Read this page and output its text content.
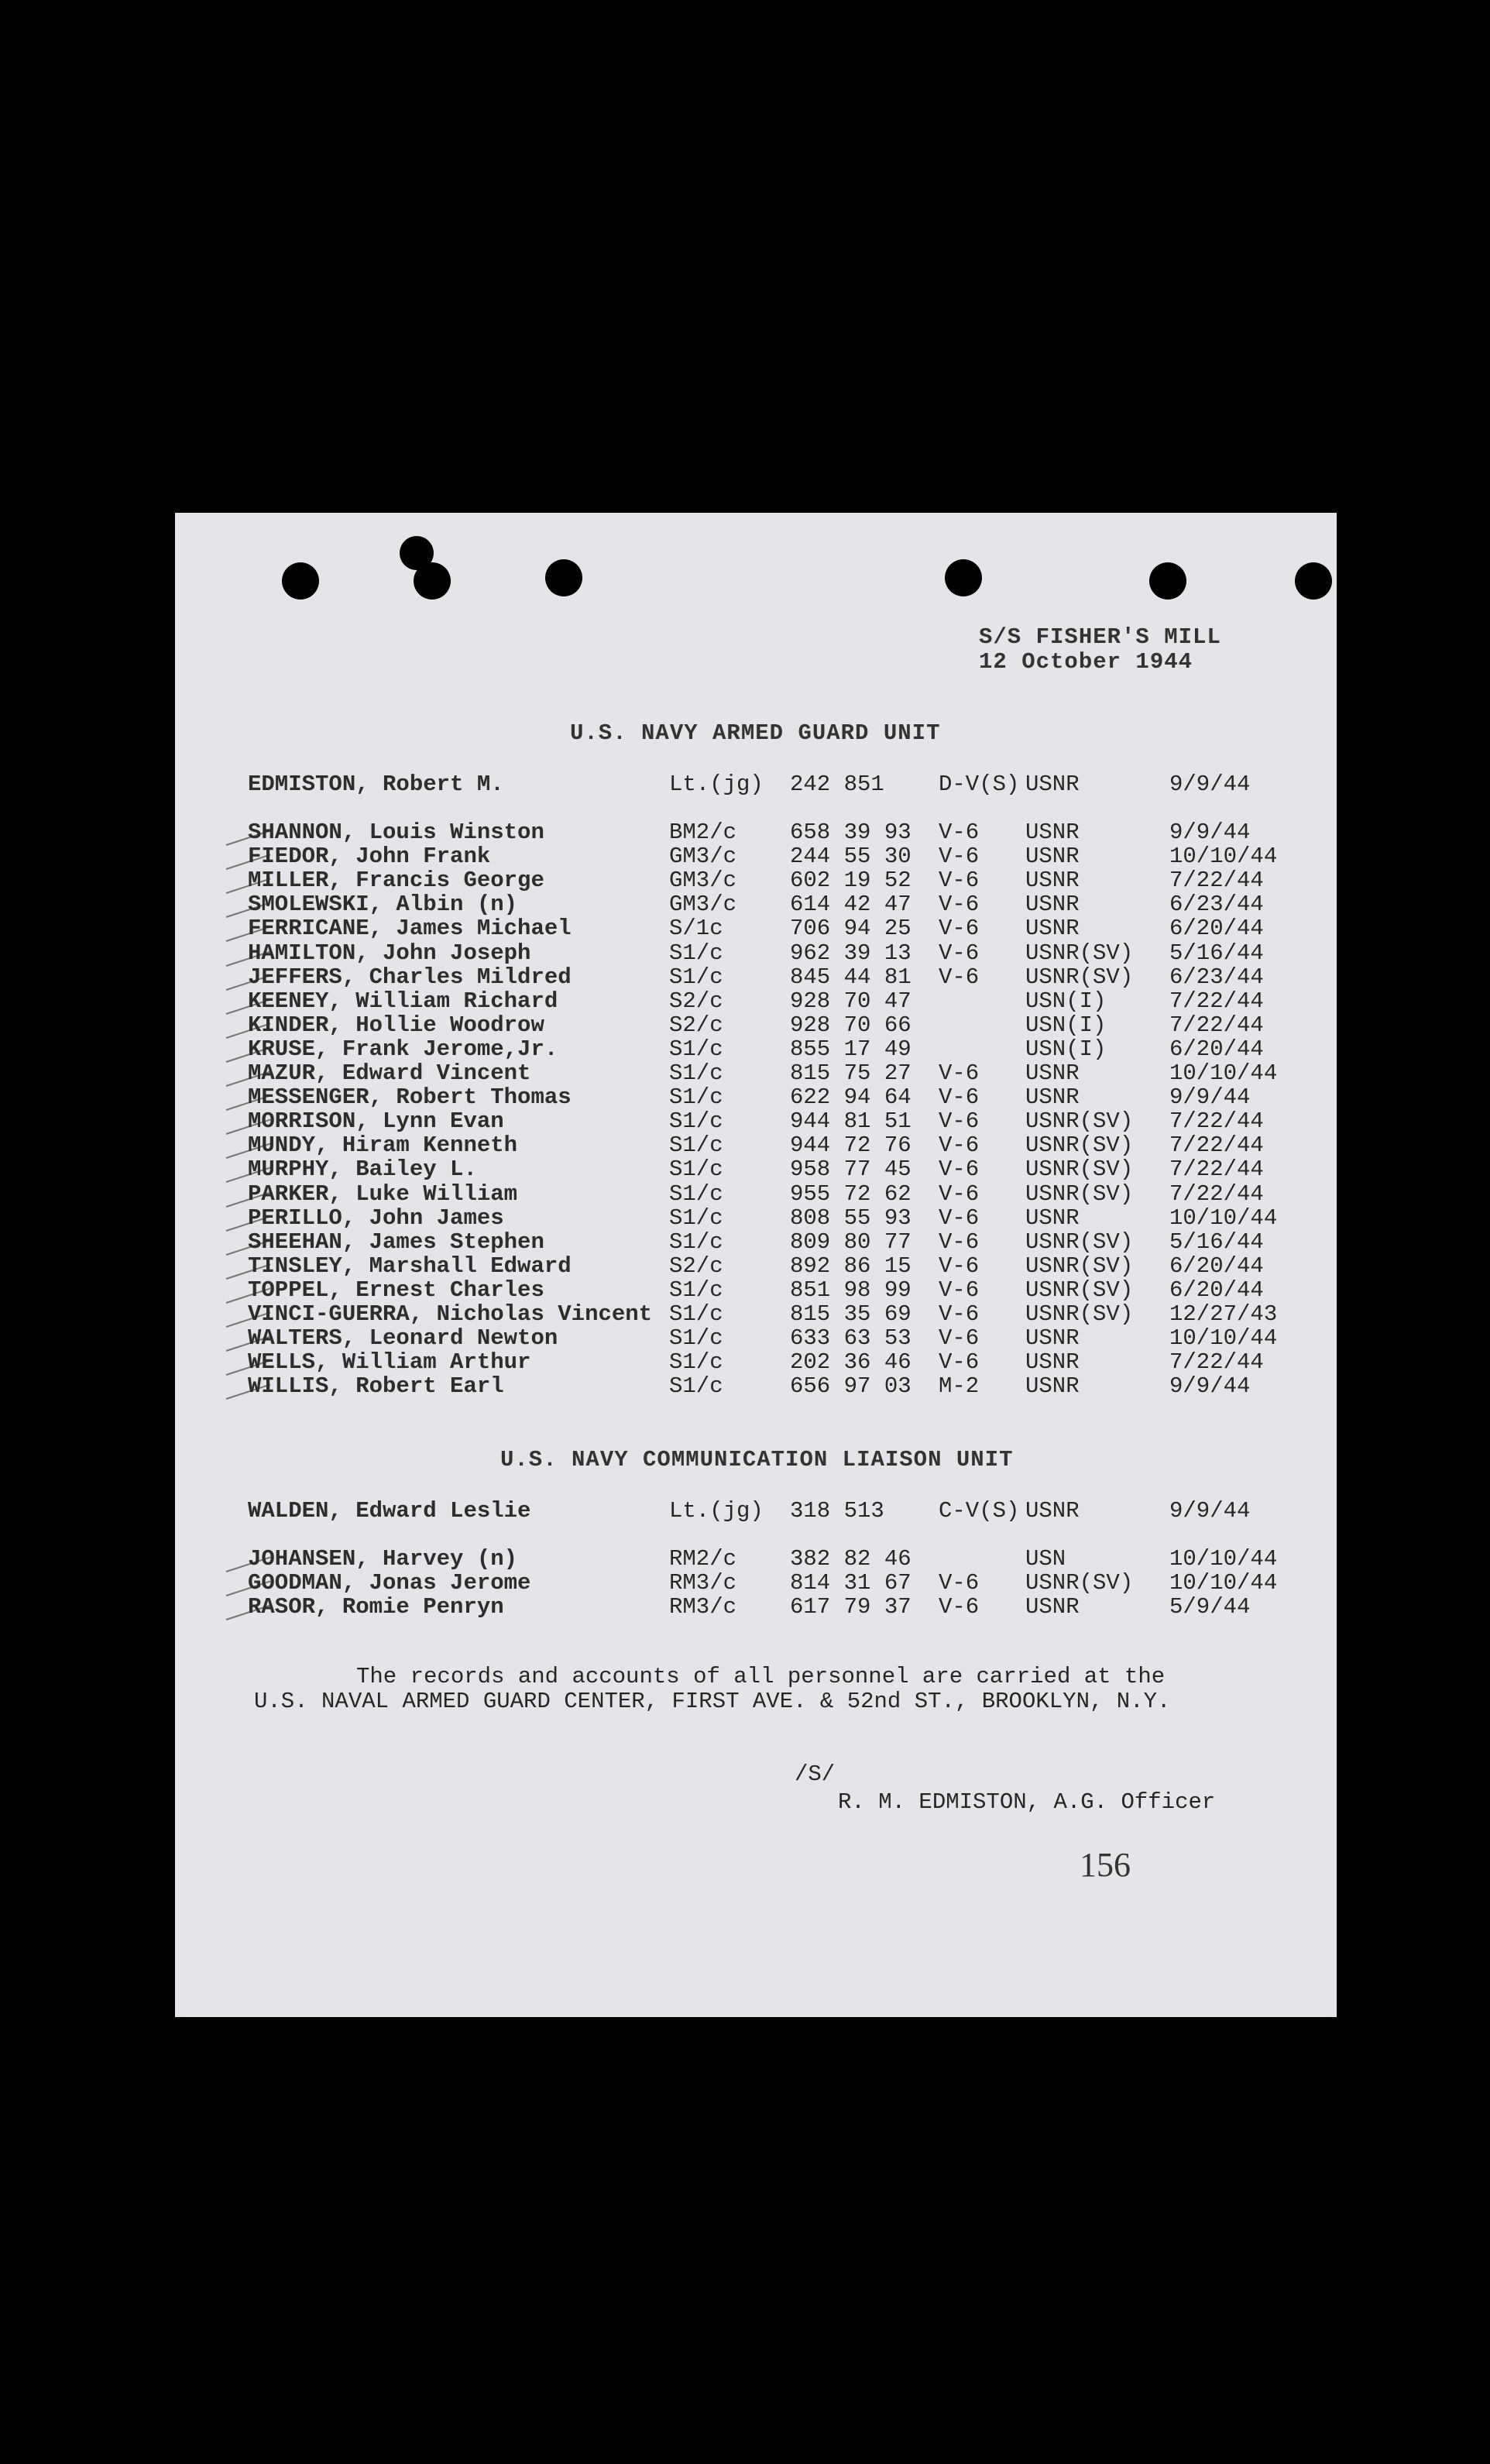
S/S FISHER'S MILL
12 October 1944
U.S. NAVY ARMED GUARD UNIT
EDMISTON, Robert M.	Lt.(jg) 242 851 D-V(S) USNR	9/9/44
SHANNON, Louis Winston	BM2/c 658 39 93 V-6 USNR	9/9/44
FIEDOR, John Frank	GM3/c 244 55 30 V-6 USNR	10/10/44
MILLER, Francis George	GM3/c 602 19 52 V-6 USNR	7/22/44
SMOLEWSKI, Albin (n)	GM3/c 614 42 47 V-6 USNR	6/23/44
FERRICANE, James Michael	S/1c	706 94 25 V-6 USNR	6/20/44
HAMILTON, John Joseph	S1/c	962 39 13 V-6 USNR(SV) 5/16/44
JEFFERS, Charles Mildred	S1/c	845 44 81 V-6 USNR(SV) 6/23/44
KEENEY, William Richard	S2/c	928 70 47	USN(I)	7/22/44
KINDER, Hollie Woodrow	S2/c	928 70 66	USN(I)	7/22/44
KRUSE, Frank Jerome,Jr.	S1/c	855 17 49	USN(I)	6/20/44
MAZUR, Edward Vincent	S1/c	815 75 27 V-6 USNR	10/10/44
MESSENGER, Robert Thomas	S1/c	622 94 64 V-6 USNR	9/9/44
MORRISON, Lynn Evan	S1/c	944 81 51 V-6 USNR(SV) 7/22/44
MUNDY, Hiram Kenneth	S1/c	944 72 76 V-6 USNR(SV) 7/22/44
MURPHY, Bailey L.	S1/c	958 77 45 V-6 USNR(SV) 7/22/44
PARKER, Luke William	S1/c	955 72 62 V-6 USNR(SV) 7/22/44
PERILLO, John James	S1/c	808 55 93 V-6 USNR	10/10/44
SHEEHAN, James Stephen	S1/c	809 80 77 V-6 USNR(SV) 5/16/44
TINSLEY, Marshall Edward	S2/c	892 86 15 V-6 USNR(SV) 6/20/44
TOPPEL, Ernest Charles	S1/c	851 98 99 V-6 USNR(SV) 6/20/44
VINCI-GUERRA, Nicholas Vincent S1/c	815 35 69 V-6 USNR(SV) 12/27/43
WALTERS, Leonard Newton	S1/c	633 63 53 V-6 USNR	10/10/44
WELLS, William Arthur	S1/c	202 36 46 V-6 USNR	7/22/44
WILLIS, Robert Earl	S1/c	656 97 03 M-2 USNR	9/9/44
U.S. NAVY COMMUNICATION LIAISON UNIT
WALDEN, Edward Leslie	Lt.(jg) 318 513 C-V(S) USNR	9/9/44
JOHANSEN, Harvey (n)	RM2/c 382 82 46	USN	10/10/44
GOODMAN, Jonas Jerome	RM3/c 814 31 67 V-6 USNR(SV) 10/10/44
RASOR, Romie Penryn	RM3/c 617 79 37 V-6 USNR	5/9/44
The records and accounts of all personnel are carried at the
U.S. NAVAL ARMED GUARD CENTER, FIRST AVE. & 52nd ST., BROOKLYN, N.Y.
/S/
R. M. EDMISTON, A.G. Officer
156
